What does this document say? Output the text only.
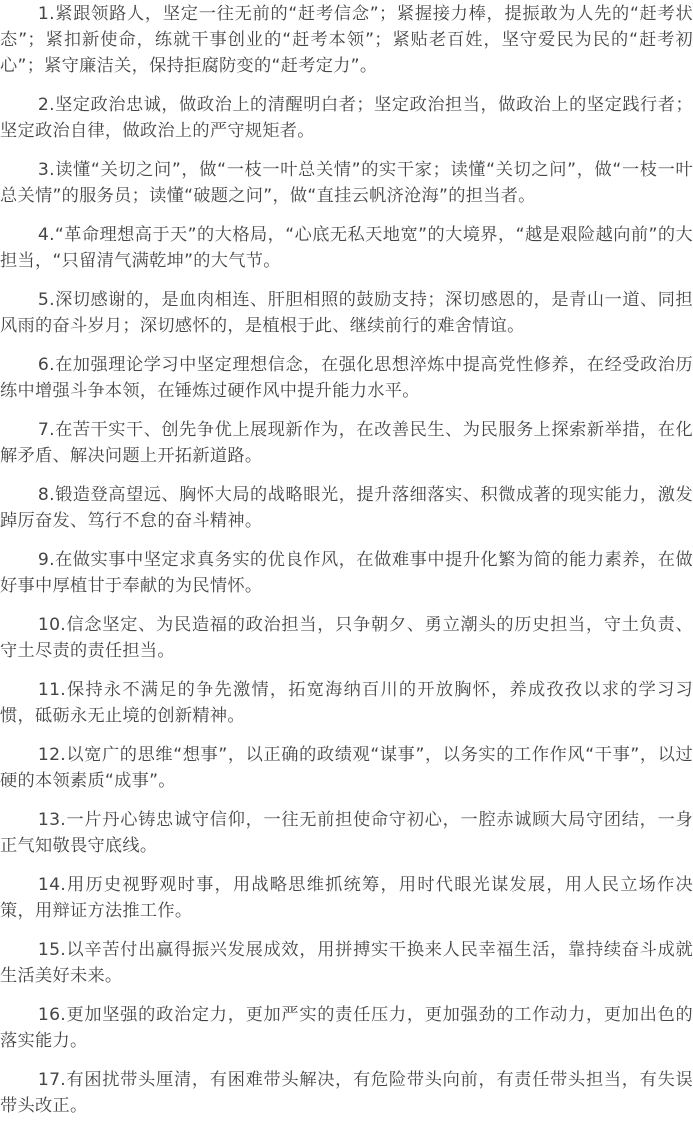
1.紧跟领路人，坚定一往无前的“赶考信念”；紧握接力棒，提振敢为人先的“赶考状态”；紧扣新使命，练就干事创业的“赶考本领”；紧贴老百姓，坚守爱民为民的“赶考初心”；紧守廉洁关，保持拒腐防变的“赶考定力”。

2.坚定政治忠诚，做政治上的清醒明白者；坚定政治担当，做政治上的坚定践行者；坚定政治自律，做政治上的严守规矩者。

3.读懂“关切之问”，做“一枝一叶总关情”的实干家；读懂“关切之问”，做“一枝一叶总关情”的服务员；读懂“破题之问”，做“直挂云帆济沧海”的担当者。

4.“革命理想高于天”的大格局，“心底无私天地宽”的大境界，“越是艰险越向前”的大担当，“只留清气满乾坤”的大气节。

5.深切感谢的，是血肉相连、肝胆相照的鼓励支持；深切感恩的，是青山一道、同担风雨的奋斗岁月；深切感怀的，是植根于此、继续前行的难舍情谊。

6.在加强理论学习中坚定理想信念，在强化思想淬炼中提高党性修养，在经受政治历练中增强斗争本领，在锤炼过硬作风中提升能力水平。

7.在苦干实干、创先争优上展现新作为，在改善民生、为民服务上探索新举措，在化解矛盾、解决问题上开拓新道路。

8.锻造登高望远、胸怀大局的战略眼光，提升落细落实、积微成著的现实能力，激发踔厉奋发、笃行不怠的奋斗精神。

9.在做实事中坚定求真务实的优良作风，在做难事中提升化繁为简的能力素养，在做好事中厚植甘于奉献的为民情怀。

10.信念坚定、为民造福的政治担当，只争朝夕、勇立潮头的历史担当，守土负责、守土尽责的责任担当。

11.保持永不满足的争先激情，拓宽海纳百川的开放胸怀，养成孜孜以求的学习习惯，砥砺永无止境的创新精神。

12.以宽广的思维“想事”，以正确的政绩观“谋事”，以务实的工作作风“干事”，以过硬的本领素质“成事”。

13.一片丹心铸忠诚守信仰，一往无前担使命守初心，一腔赤诚顾大局守团结，一身正气知敬畏守底线。

14.用历史视野观时事，用战略思维抓统筹，用时代眼光谋发展，用人民立场作决策，用辩证方法推工作。

15.以辛苦付出赢得振兴发展成效，用拼搏实干换来人民幸福生活，靠持续奋斗成就生活美好未来。

16.更加坚强的政治定力，更加严实的责任压力，更加强劲的工作动力，更加出色的落实能力。

17.有困扰带头厘清，有困难带头解决，有危险带头向前，有责任带头担当，有失误带头改正。
